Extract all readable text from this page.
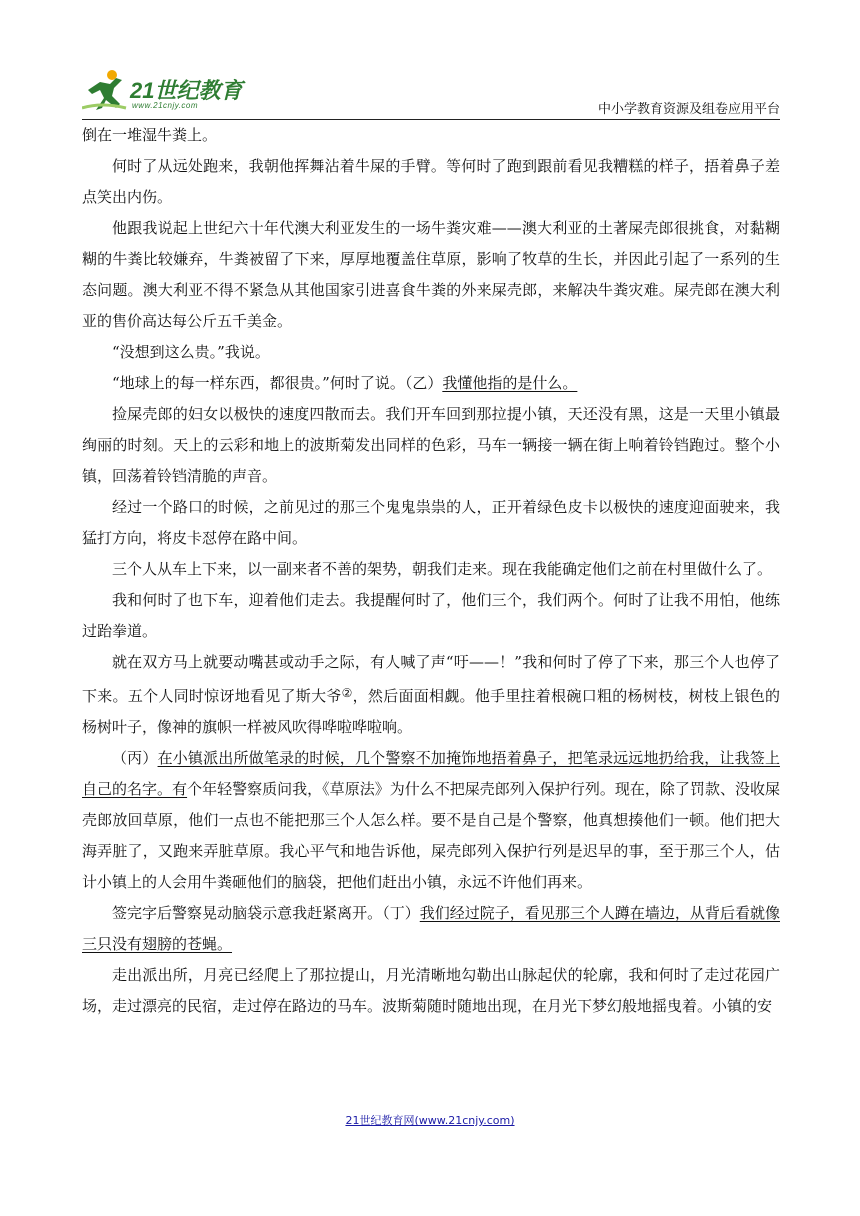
21世纪教育
www.21cnjy.com	中小学教育资源及组卷应用平台

倒在一堆湿牛粪上。

何时了从远处跑来，我朝他挥舞沾着牛屎的手臂。等何时了跑到跟前看见我糟糕的样子，捂着鼻子差点笑出内伤。

他跟我说起上世纪六十年代澳大利亚发生的一场牛粪灾难——澳大利亚的土著屎壳郎很挑食，对黏糊糊的牛粪比较嫌弃，牛粪被留了下来，厚厚地覆盖住草原，影响了牧草的生长，并因此引起了一系列的生态问题。澳大利亚不得不紧急从其他国家引进喜食牛粪的外来屎壳郎，来解决牛粪灾难。屎壳郎在澳大利亚的售价高达每公斤五千美金。

“没想到这么贵。”我说。

“地球上的每一样东西，都很贵。”何时了说。（乙）我懂他指的是什么。

捡屎壳郎的妇女以极快的速度四散而去。我们开车回到那拉提小镇，天还没有黑，这是一天里小镇最绚丽的时刻。天上的云彩和地上的波斯菊发出同样的色彩，马车一辆接一辆在街上响着铃铛跑过。整个小镇，回荡着铃铛清脆的声音。

经过一个路口的时候，之前见过的那三个鬼鬼祟祟的人，正开着绿色皮卡以极快的速度迎面驶来，我猛打方向，将皮卡怼停在路中间。

三个人从车上下来，以一副来者不善的架势，朝我们走来。现在我能确定他们之前在村里做什么了。

我和何时了也下车，迎着他们走去。我提醒何时了，他们三个，我们两个。何时了让我不用怕，他练过跆拳道。

就在双方马上就要动嘴甚或动手之际，有人喊了声“吁——！”我和何时了停了下来，那三个人也停了下来。五个人同时惊讶地看见了斯大爷②，然后面面相觑。他手里拄着根碗口粗的杨树枝，树枝上银色的杨树叶子，像神的旗帜一样被风吹得哗啦哗啦响。

（丙）在小镇派出所做笔录的时候，几个警察不加掩饰地捂着鼻子，把笔录远远地扔给我，让我签上自己的名字。有个年轻警察质问我，《草原法》为什么不把屎壳郎列入保护行列。现在，除了罚款、没收屎壳郎放回草原，他们一点也不能把那三个人怎么样。要不是自己是个警察，他真想揍他们一顿。他们把大海弄脏了，又跑来弄脏草原。我心平气和地告诉他，屎壳郎列入保护行列是迟早的事，至于那三个人，估计小镇上的人会用牛粪砸他们的脑袋，把他们赶出小镇，永远不许他们再来。

签完字后警察晃动脑袋示意我赶紧离开。（丁）我们经过院子，看见那三个人蹲在墙边，从背后看就像三只没有翅膀的苍蝇。

走出派出所，月亮已经爬上了那拉提山，月光清晰地勾勒出山脉起伏的轮廓，我和何时了走过花园广场，走过漂亮的民宿，走过停在路边的马车。波斯菊随时随地出现，在月光下梦幻般地摇曳着。小镇的安

21世纪教育网(www.21cnjy.com)
